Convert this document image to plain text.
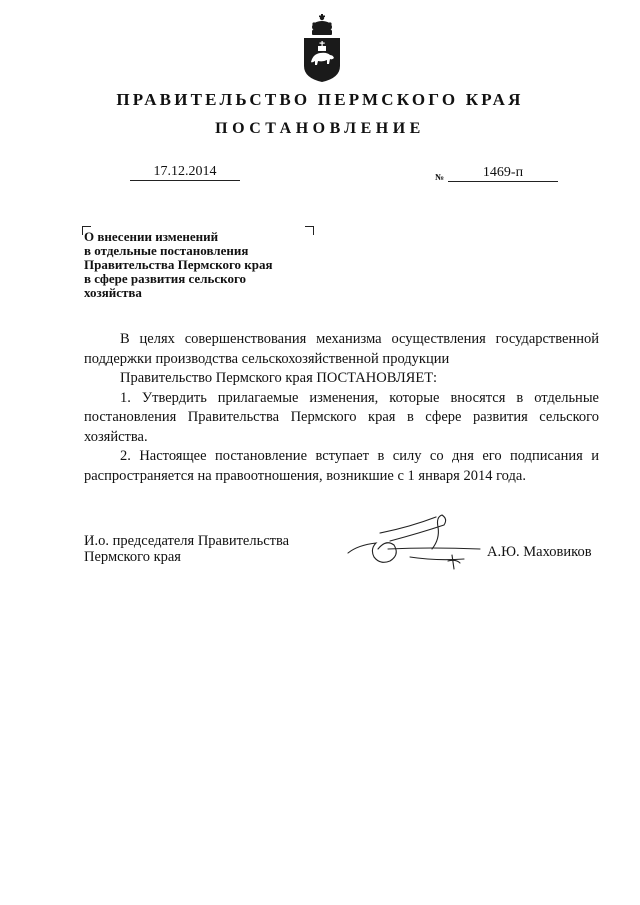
ПРАВИТЕЛЬСТВО ПЕРМСКОГО КРАЯ
ПОСТАНОВЛЕНИЕ
17.12.2014	№	1469-п
О внесении изменений
в отдельные постановления
Правительства Пермского края
в сфере развития сельского
хозяйства

В целях совершенствования механизма осуществления государственной поддержки производства сельскохозяйственной продукции

Правительство Пермского края ПОСТАНОВЛЯЕТ:

1. Утвердить прилагаемые изменения, которые вносятся в отдельные постановления Правительства Пермского края в сфере развития сельского хозяйства.

2. Настоящее постановление вступает в силу со дня его подписания и распространяется на правоотношения, возникшие с 1 января 2014 года.

И.о. председателя Правительства
Пермского края	А.Ю. Маховиков
